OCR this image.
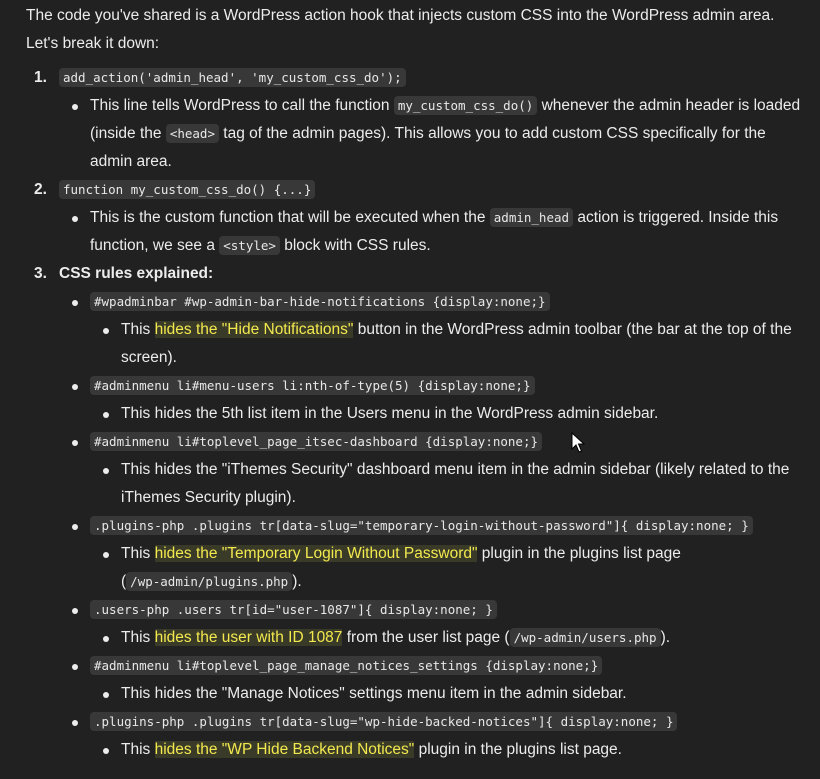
The code you've shared is a WordPress action hook that injects custom CSS into the WordPress admin area.
Let's break it down:

1. add_action('admin_head', 'my_custom_css_do');
This line tells WordPress to call the function my_custom_css_do() whenever the admin header is loaded (inside the <head> tag of the admin pages). This allows you to add custom CSS specifically for the admin area.
2. function my_custom_css_do() {...}
This is the custom function that will be executed when the admin_head action is triggered. Inside this function, we see a <style> block with CSS rules.
3. CSS rules explained:
#wpadminbar #wp-admin-bar-hide-notifications {display:none;}
This hides the "Hide Notifications" button in the WordPress admin toolbar (the bar at the top of the screen).
#adminmenu li#menu-users li:nth-of-type(5) {display:none;}
This hides the 5th list item in the Users menu in the WordPress admin sidebar.
#adminmenu li#toplevel_page_itsec-dashboard {display:none;}
This hides the "iThemes Security" dashboard menu item in the admin sidebar (likely related to the iThemes Security plugin).
.plugins-php .plugins tr[data-slug="temporary-login-without-password"]{ display:none; }
This hides the "Temporary Login Without Password" plugin in the plugins list page ( /wp-admin/plugins.php ).
.users-php .users tr[id="user-1087"]{ display:none; }
This hides the user with ID 1087 from the user list page ( /wp-admin/users.php ).
#adminmenu li#toplevel_page_manage_notices_settings {display:none;}
This hides the "Manage Notices" settings menu item in the admin sidebar.
.plugins-php .plugins tr[data-slug="wp-hide-backed-notices"]{ display:none; }
This hides the "WP Hide Backend Notices" plugin in the plugins list page.
